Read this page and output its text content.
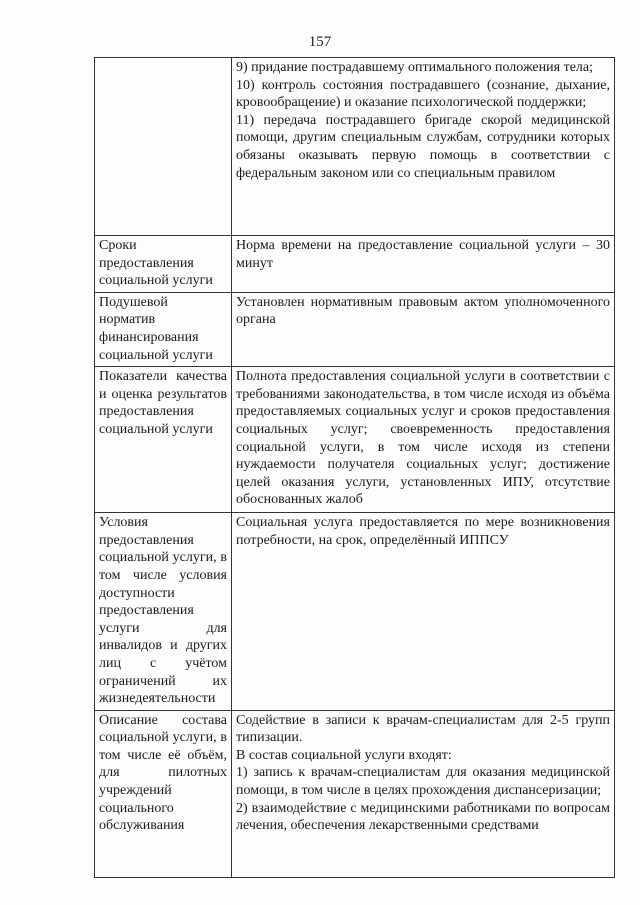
157

	9) придание пострадавшему оптимального положения тела;
10) контроль состояния пострадавшего (сознание, дыхание, кровообращение) и оказание психологической поддержки;
11) передача пострадавшего бригаде скорой медицинской помощи, другим специальным службам, сотрудники которых обязаны оказывать первую помощь в соответствии с федеральным законом или со специальным правилом

Сроки предоставления социальной услуги	Норма времени на предоставление социальной услуги – 30 минут

Подушевой норматив финансирования социальной услуги	Установлен нормативным правовым актом уполномоченного органа

Показатели качества и оценка результатов предоставления социальной услуги	Полнота предоставления социальной услуги в соответствии с требованиями законодательства, в том числе исходя из объёма предоставляемых социальных услуг и сроков предоставления социальных услуг; своевременность предоставления социальной услуги, в том числе исходя из степени нуждаемости получателя социальных услуг; достижение целей оказания услуги, установленных ИПУ, отсутствие обоснованных жалоб

Условия предоставления социальной услуги, в том числе условия доступности предоставления услуги для инвалидов и других лиц с учётом ограничений их жизнедеятельности	Социальная услуга предоставляется по мере возникновения потребности, на срок, определённый ИППСУ

Описание состава социальной услуги, в том числе её объём, для пилотных учреждений социального обслуживания	Содействие в записи к врачам-специалистам для 2-5 групп типизации.
В состав социальной услуги входят:
1) запись к врачам-специалистам для оказания медицинской помощи, в том числе в целях прохождения диспансеризации;
2) взаимодействие с медицинскими работниками по вопросам лечения, обеспечения лекарственными средствами
